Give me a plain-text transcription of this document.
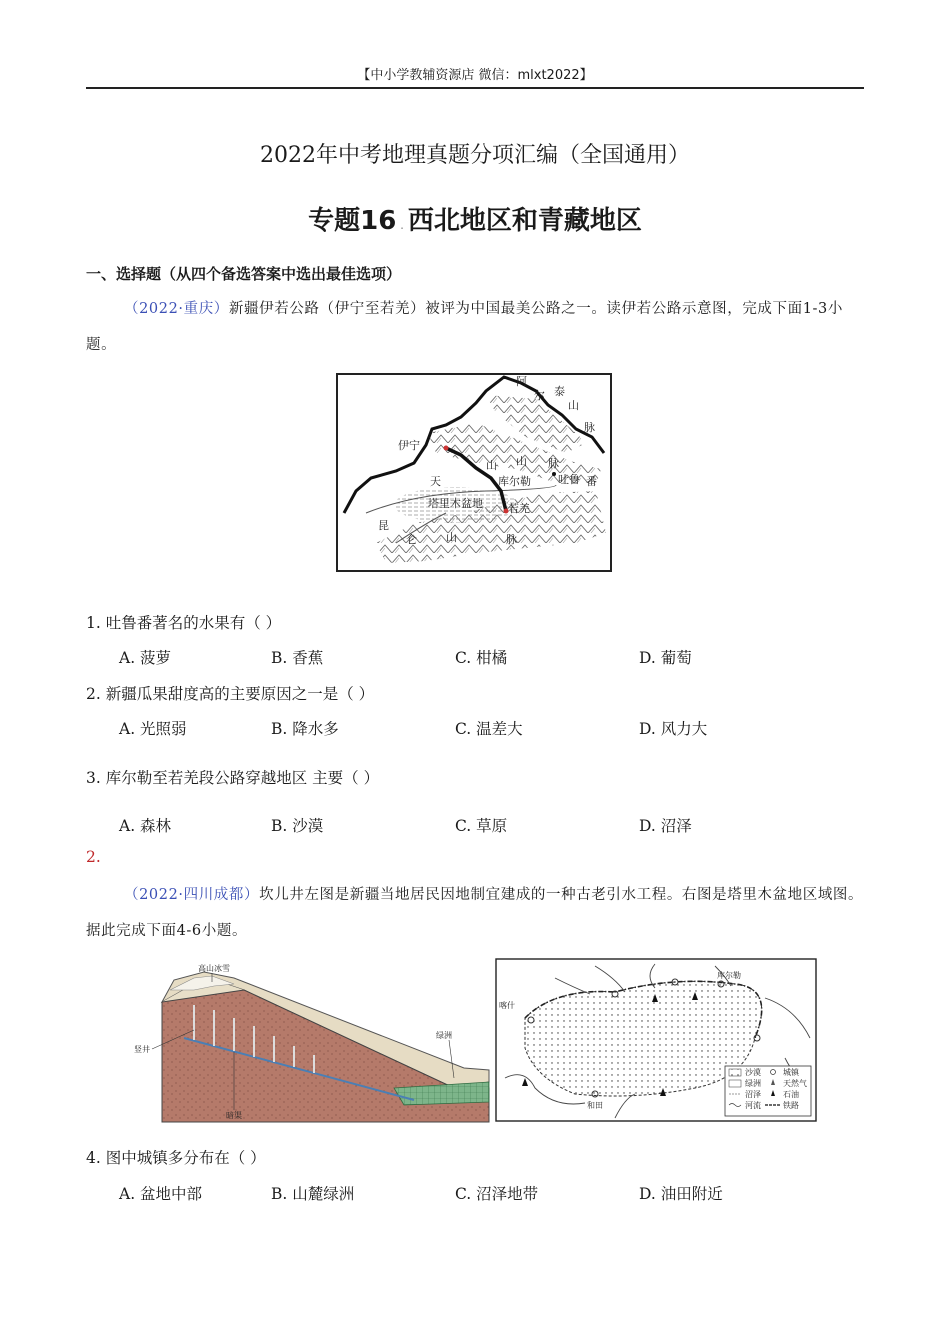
【中小学教辅资源店 微信：mlxt2022】
2022年中考地理真题分项汇编（全国通用）
专题16 . 西北地区和青藏地区
一、选择题（从四个备选答案中选出最佳选项）
（2022·重庆）新疆伊若公路（伊宁至若羌）被评为中国最美公路之一。读伊若公路示意图，完成下面1-3小题。
阿
尔 泰
山
脉
伊宁
天
山 山 脉
库尔勒 吐鲁 番
塔里木盆地 若羌
昆
仑	山	脉
1. 吐鲁番著名的水果有（ ）
A. 菠萝	B. 香蕉	C. 柑橘	D. 葡萄
2. 新疆瓜果甜度高的主要原因之一是（ ）
A. 光照弱	B. 降水多	C. 温差大	D. 风力大
3. 库尔勒至若羌段公路穿越地区 主要（ ）
A. 森林	B. 沙漠	C. 草原	D. 沼泽
2.
（2022·四川成都）坎儿井左图是新疆当地居民因地制宜建成的一种古老引水工程。右图是塔里木盆地区域图。据此完成下面4-6小题。
高山冰雪
竖井
暗渠
绿洲
喀什
库尔勒
和田
沙漠	城镇
绿洲	天然气
沼泽	石油
河流	铁路
4. 图中城镇多分布在（ ）
A. 盆地中部	B. 山麓绿洲	C. 沼泽地带	D. 油田附近
